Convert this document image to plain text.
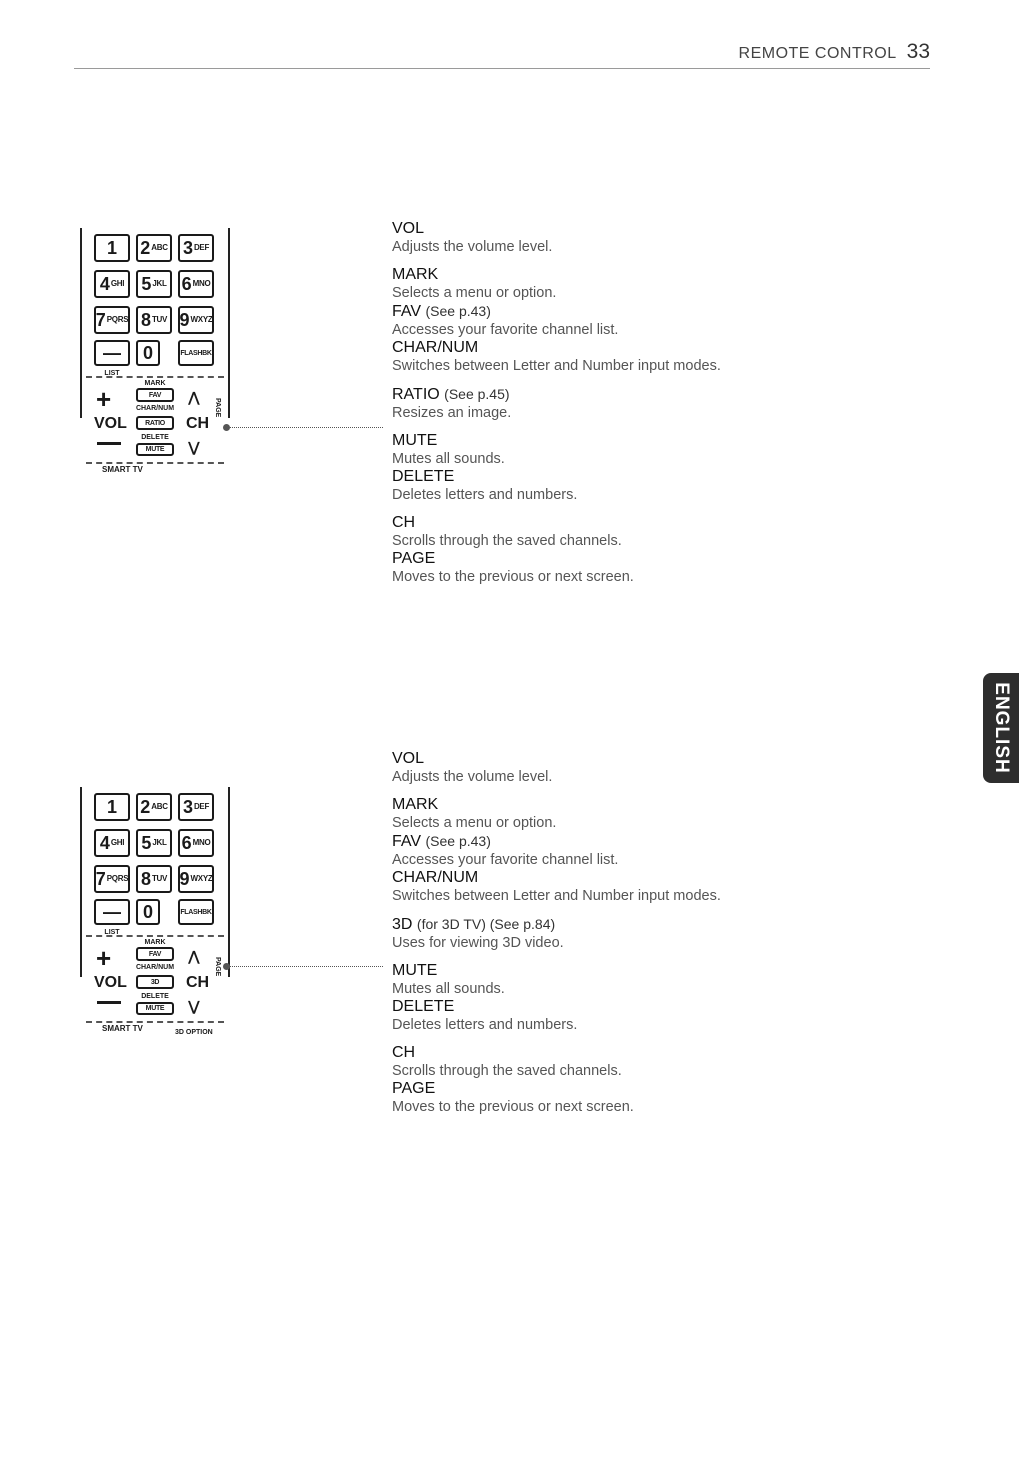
REMOTE CONTROL 33
ENGLISH
1 2 ABC 3 DEF
4 GHI 5 JKL 6 MNO
7 PQRS 8 TUV 9 WXYZ
— 0	FLASHBK
LIST
MARK
+
VOL
FAV
CHAR/NUM
RATIO
DELETE
MUTE
⋀
CH
⋁
PAGE
SMART TV
1 2 ABC 3 DEF
4 GHI 5 JKL 6 MNO
7 PQRS 8 TUV 9 WXYZ
— 0	FLASHBK
LIST
MARK
+
VOL
FAV
CHAR/NUM
3D
DELETE
MUTE
⋀
CH
⋁
PAGE
SMART TV	3D OPTION
VOL
Adjusts the volume level.
MARK
Selects a menu or option.
FAV (See p.43)
Accesses your favorite channel list.
CHAR/NUM
Switches between Letter and Number input modes.
RATIO (See p.45)
Resizes an image.
MUTE
Mutes all sounds.
DELETE
Deletes letters and numbers.
CH
Scrolls through the saved channels.
PAGE
Moves to the previous or next screen.
VOL
Adjusts the volume level.
MARK
Selects a menu or option.
FAV (See p.43)
Accesses your favorite channel list.
CHAR/NUM
Switches between Letter and Number input modes.
3D (for 3D TV) (See p.84)
Uses for viewing 3D video.
MUTE
Mutes all sounds.
DELETE
Deletes letters and numbers.
CH
Scrolls through the saved channels.
PAGE
Moves to the previous or next screen.
